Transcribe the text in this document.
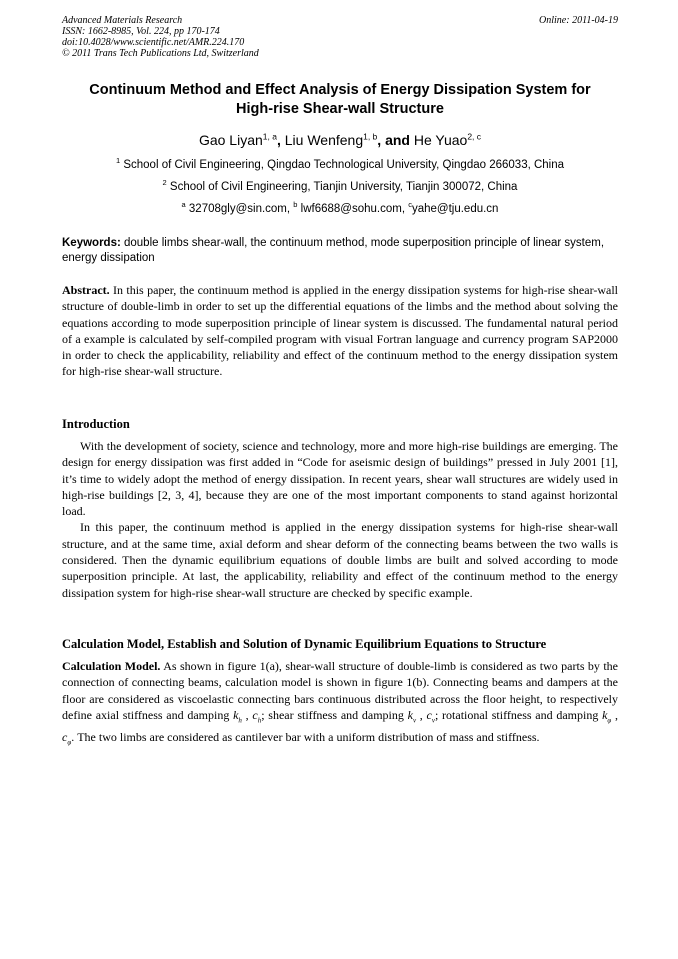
Advanced Materials Research
ISSN: 1662-8985, Vol. 224, pp 170-174
doi:10.4028/www.scientific.net/AMR.224.170
© 2011 Trans Tech Publications Ltd, Switzerland
Online: 2011-04-19
Continuum Method and Effect Analysis of Energy Dissipation System for
High-rise Shear-wall Structure
Gao Liyan$^{1, a}$, Liu Wenfeng$^{1, b}$, and He Yuao$^{2, c}$
$^1$ School of Civil Engineering, Qingdao Technological University, Qingdao 266033, China
$^2$ School of Civil Engineering, Tianjin University, Tianjin 300072, China
$^a$ 32708gly@sin.com, $^b$ lwf6688@sohu.com, $^c$yahe@tju.edu.cn
Keywords: double limbs shear-wall, the continuum method, mode superposition principle of linear system, energy dissipation
Abstract. In this paper, the continuum method is applied in the energy dissipation systems for high-rise shear-wall structure of double-limb in order to set up the differential equations of the limbs and the method about solving the equations according to mode superposition principle of linear system is discussed. The fundamental natural period of a example is calculated by self-compiled program with visual Fortran language and currency program SAP2000 in order to check the applicability, reliability and effect of the continuum method to the energy dissipation system for high-rise shear-wall structure.
Introduction

With the development of society, science and technology, more and more high-rise buildings are emerging. The design for energy dissipation was first added in “Code for aseismic design of buildings” pressed in July 2001 [1], it’s time to widely adopt the method of energy dissipation. In recent years, shear wall structures are widely used in high-rise buildings [2, 3, 4], because they are one of the most important components to stand against horizontal load.

In this paper, the continuum method is applied in the energy dissipation systems for high-rise shear-wall structure, and at the same time, axial deform and shear deform of the connecting beams between the two walls is considered. Then the dynamic equilibrium equations of double limbs are built and solved according to mode superposition principle. At last, the applicability, reliability and effect of the continuum method to the energy dissipation system for high-rise shear-wall structure are checked by specific example.

Calculation Model, Establish and Solution of Dynamic Equilibrium Equations to Structure

Calculation Model. As shown in figure 1(a), shear-wall structure of double-limb is considered as two parts by the connection of connecting beams, calculation model is shown in figure 1(b). Connecting beams and dampers at the floor are considered as viscoelastic connecting bars continuous distributed across the floor height, to respectively define axial stiffness and damping $k_h$ , $c_h$; shear stiffness and damping $k_v$ , $c_v$; rotational stiffness and damping $k_\varphi$ , $c_\varphi$. The two limbs are considered as cantilever bar with a uniform distribution of mass and stiffness.
